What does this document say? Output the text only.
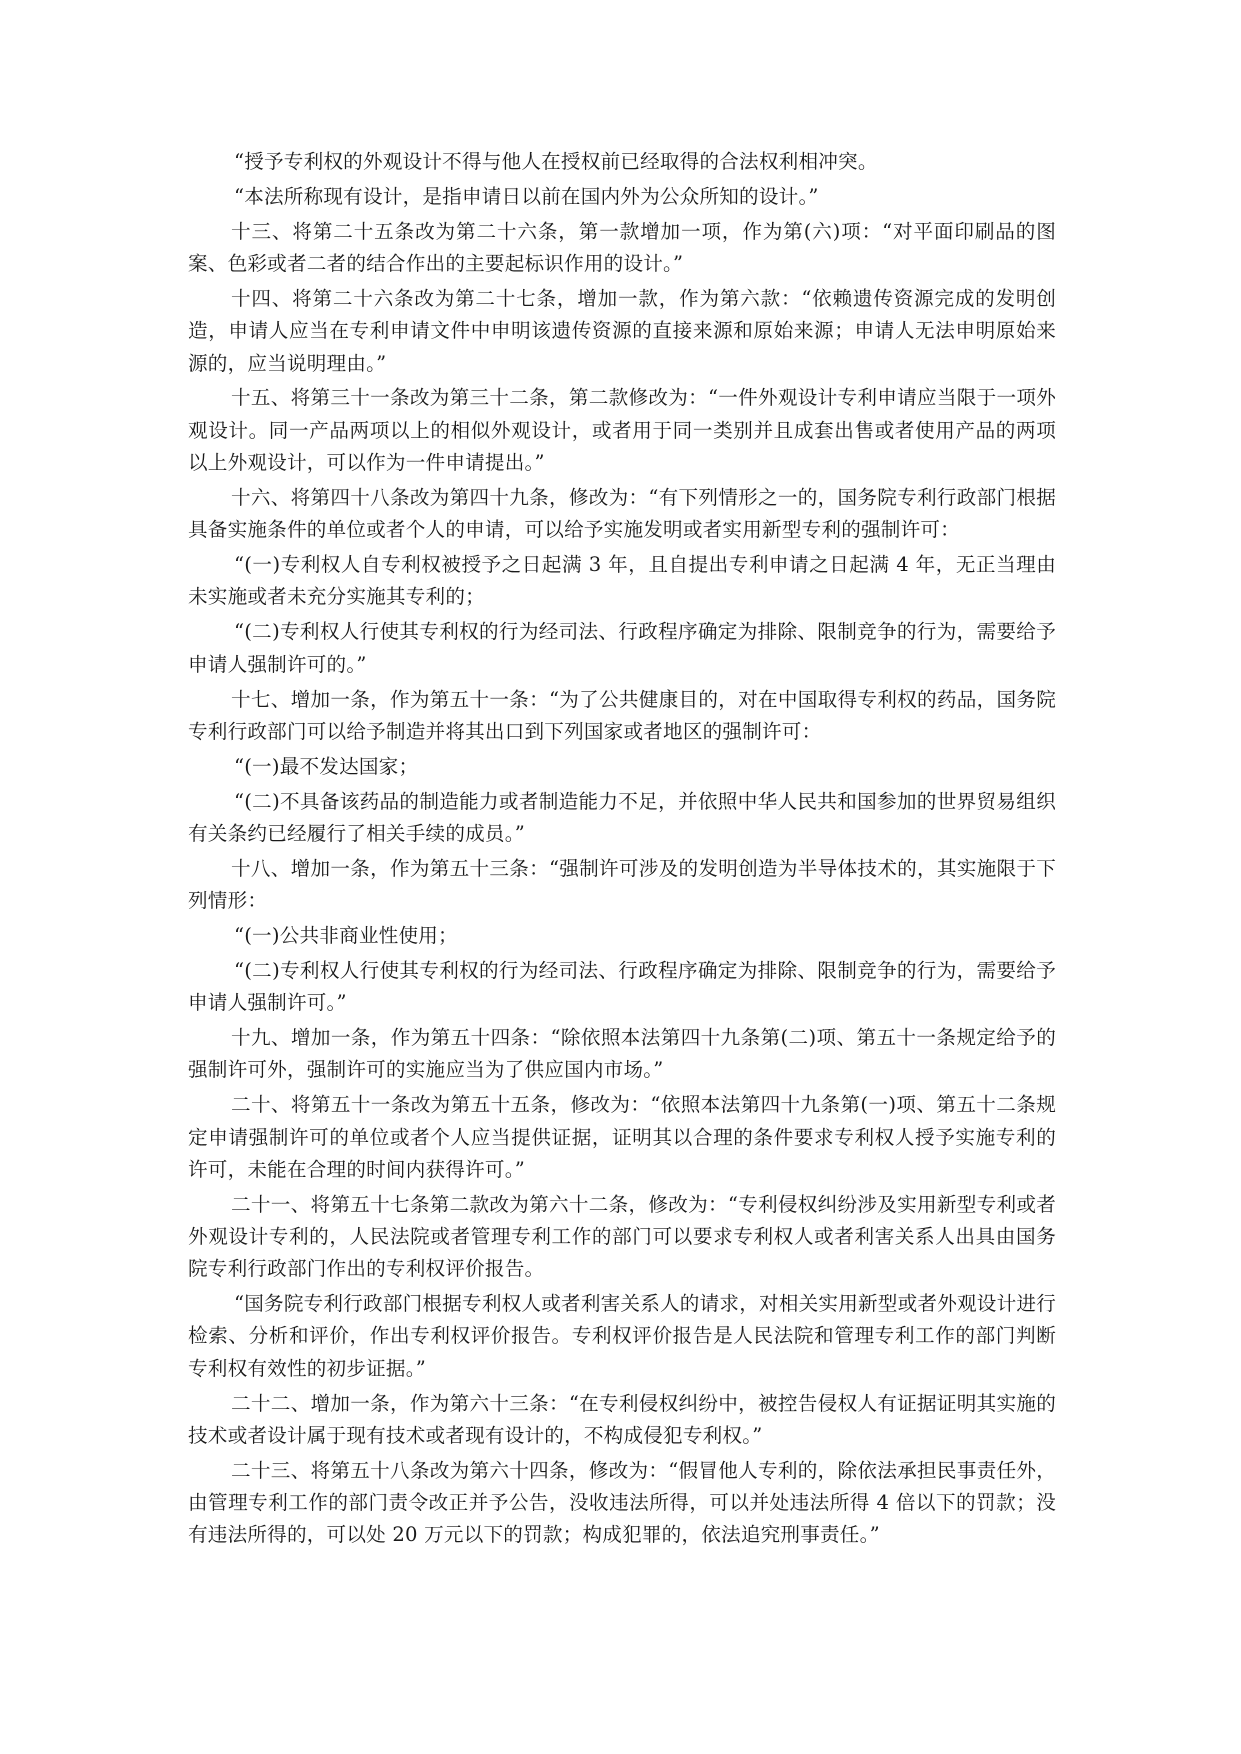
“授予专利权的外观设计不得与他人在授权前已经取得的合法权利相冲突。

“本法所称现有设计，是指申请日以前在国内外为公众所知的设计。”

十三、将第二十五条改为第二十六条，第一款增加一项，作为第(六)项：“对平面印刷品的图案、色彩或者二者的结合作出的主要起标识作用的设计。”

十四、将第二十六条改为第二十七条，增加一款，作为第六款：“依赖遗传资源完成的发明创造，申请人应当在专利申请文件中申明该遗传资源的直接来源和原始来源；申请人无法申明原始来源的，应当说明理由。”

十五、将第三十一条改为第三十二条，第二款修改为：“一件外观设计专利申请应当限于一项外观设计。同一产品两项以上的相似外观设计，或者用于同一类别并且成套出售或者使用产品的两项以上外观设计，可以作为一件申请提出。”

十六、将第四十八条改为第四十九条，修改为：“有下列情形之一的，国务院专利行政部门根据具备实施条件的单位或者个人的申请，可以给予实施发明或者实用新型专利的强制许可：

“(一)专利权人自专利权被授予之日起满 3 年，且自提出专利申请之日起满 4 年，无正当理由未实施或者未充分实施其专利的；

“(二)专利权人行使其专利权的行为经司法、行政程序确定为排除、限制竞争的行为，需要给予申请人强制许可的。”

十七、增加一条，作为第五十一条：“为了公共健康目的，对在中国取得专利权的药品，国务院专利行政部门可以给予制造并将其出口到下列国家或者地区的强制许可：

“(一)最不发达国家；

“(二)不具备该药品的制造能力或者制造能力不足，并依照中华人民共和国参加的世界贸易组织有关条约已经履行了相关手续的成员。”

十八、增加一条，作为第五十三条：“强制许可涉及的发明创造为半导体技术的，其实施限于下列情形：

“(一)公共非商业性使用；

“(二)专利权人行使其专利权的行为经司法、行政程序确定为排除、限制竞争的行为，需要给予申请人强制许可。”

十九、增加一条，作为第五十四条：“除依照本法第四十九条第(二)项、第五十一条规定给予的强制许可外，强制许可的实施应当为了供应国内市场。”

二十、将第五十一条改为第五十五条，修改为：“依照本法第四十九条第(一)项、第五十二条规定申请强制许可的单位或者个人应当提供证据，证明其以合理的条件要求专利权人授予实施专利的许可，未能在合理的时间内获得许可。”

二十一、将第五十七条第二款改为第六十二条，修改为：“专利侵权纠纷涉及实用新型专利或者外观设计专利的，人民法院或者管理专利工作的部门可以要求专利权人或者利害关系人出具由国务院专利行政部门作出的专利权评价报告。

“国务院专利行政部门根据专利权人或者利害关系人的请求，对相关实用新型或者外观设计进行检索、分析和评价，作出专利权评价报告。专利权评价报告是人民法院和管理专利工作的部门判断专利权有效性的初步证据。”

二十二、增加一条，作为第六十三条：“在专利侵权纠纷中，被控告侵权人有证据证明其实施的技术或者设计属于现有技术或者现有设计的，不构成侵犯专利权。”

二十三、将第五十八条改为第六十四条，修改为：“假冒他人专利的，除依法承担民事责任外，由管理专利工作的部门责令改正并予公告，没收违法所得，可以并处违法所得 4 倍以下的罚款；没有违法所得的，可以处 20 万元以下的罚款；构成犯罪的，依法追究刑事责任。”
